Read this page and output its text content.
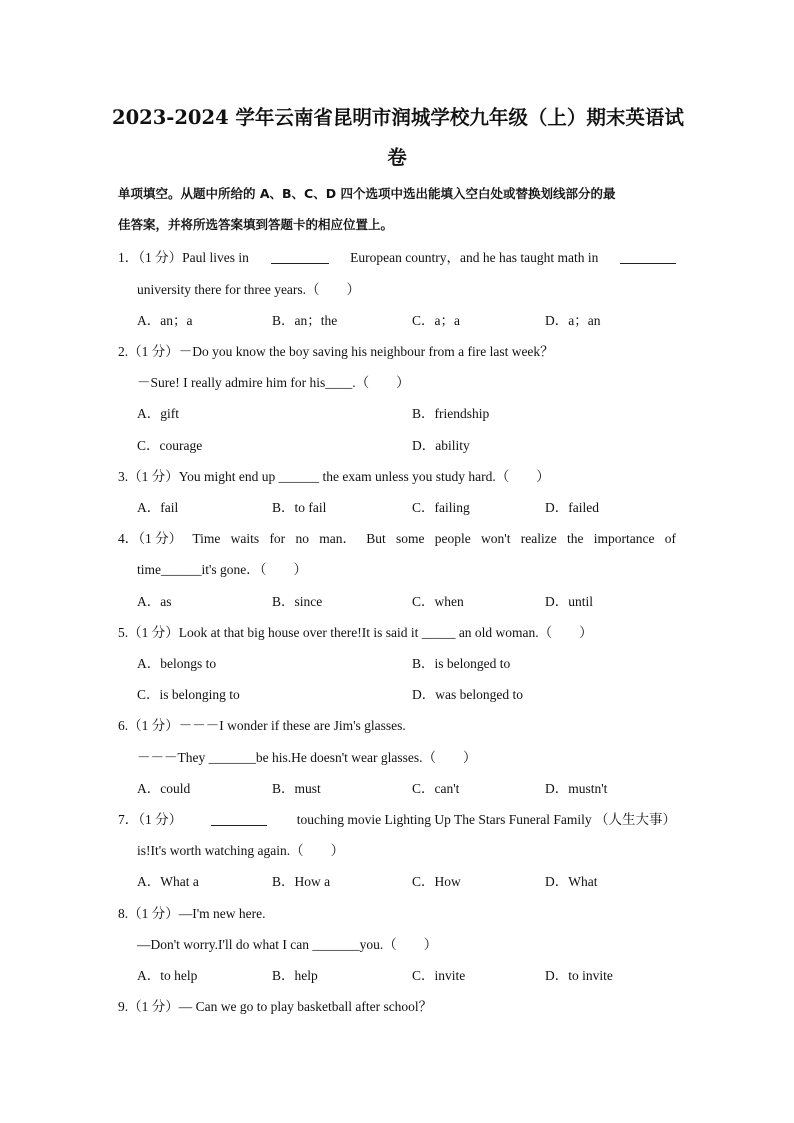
2023-2024 学年云南省昆明市润城学校九年级（上）期末英语试
卷
单项填空。从题中所给的 A、B、C、D 四个选项中选出能填入空白处或替换划线部分的最
佳答案，并将所选答案填到答题卡的相应位置上。
1．（1 分）Paul lives in	European country，and he has taught math in
university there for three years.（　　）
A．an；a	B．an；the	C．a；a	D．a；an
2.（1 分）－Do you know the boy saving his neighbour from a fire last week？
－Sure! I really admire him for his____.（　　）
A．gift	B．friendship
C．courage	D．ability
3.（1 分）You might end up ______ the exam unless you study hard.（　　）
A．fail	B．to fail	C．failing	D．failed
4．（1 分） Time waits for no man． But some people won't realize the importance of
time______it's gone．（　　）
A．as	B．since	C．when	D．until
5.（1 分）Look at that big house over there!It is said it _____ an old woman.（　　）
A．belongs to	B．is belonged to
C．is belonging to	D．was belonged to
6.（1 分）－－－I wonder if these are Jim's glasses.
－－－They _______be his.He doesn't wear glasses.（　　）
A．could	B．must	C．can't	D．mustn't
7．（1 分）	touching movie Lighting Up The Stars Funeral Family （人生大事）
is!It's worth watching again.（　　）
A．What a	B．How a	C．How	D．What
8.（1 分）—I'm new here.
—Don't worry.I'll do what I can _______you.（　　）
A．to help	B．help	C．invite	D．to invite
9.（1 分）— Can we go to play basketball after school？
